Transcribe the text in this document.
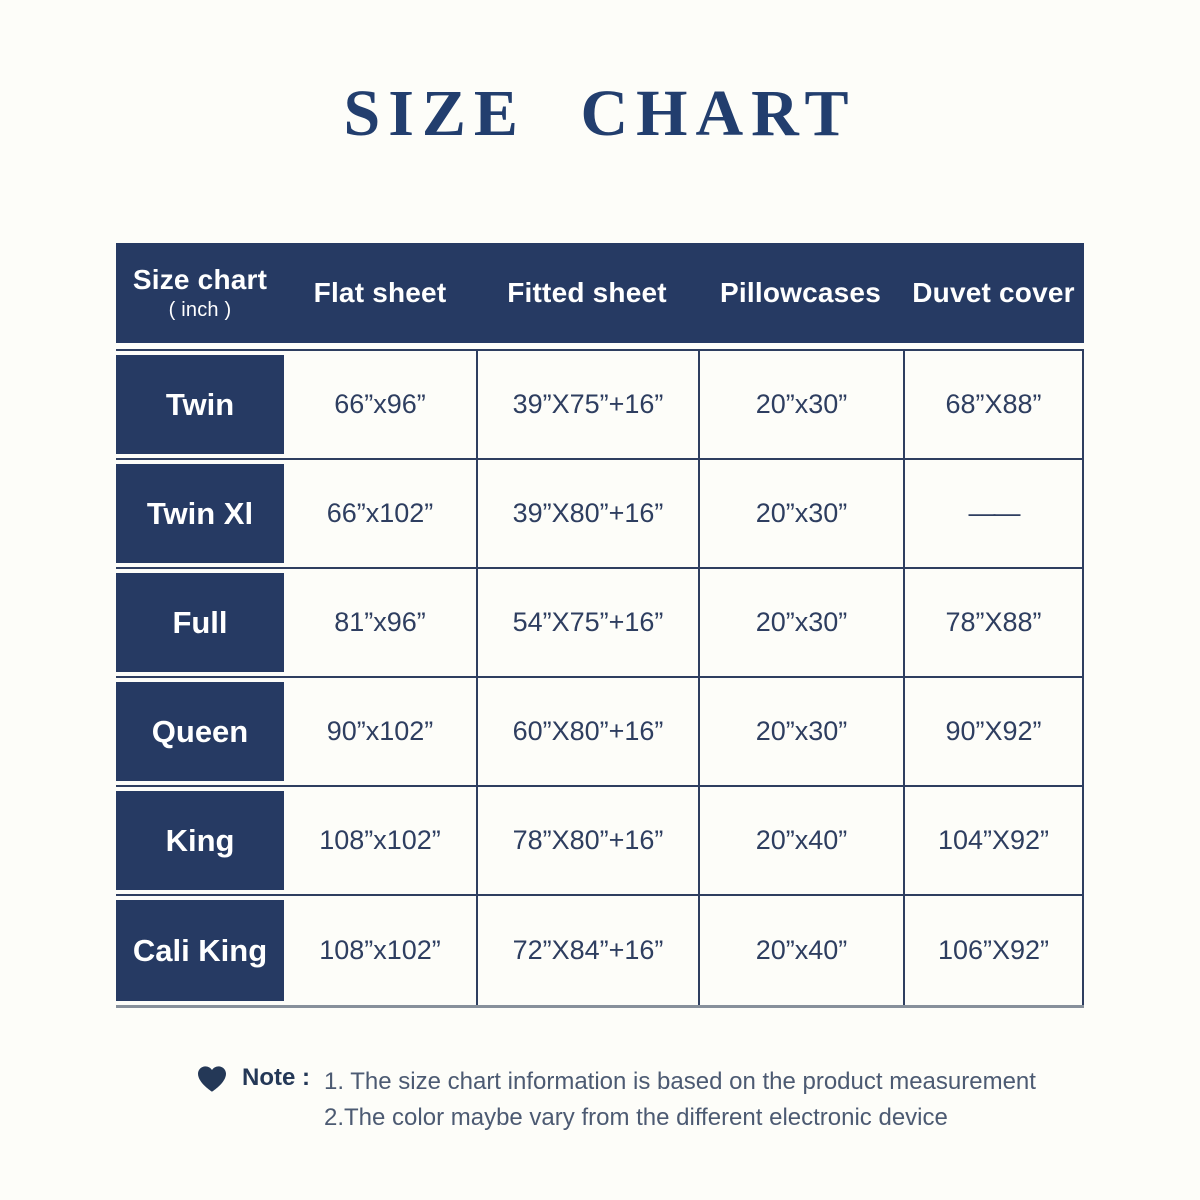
SIZE CHART
Size chart
( inch )
Flat sheet	Fitted sheet	Pillowcases	Duvet cover
Twin	66”x96”	39”X75”+16”	20”x30”	68”X88”
Twin Xl	66”x102”	39”X80”+16”	20”x30”	——
Full	81”x96”	54”X75”+16”	20”x30”	78”X88”
Queen	90”x102”	60”X80”+16”	20”x30”	90”X92”
King	108”x102”	78”X80”+16”	20”x40”	104”X92”
Cali King	108”x102”	72”X84”+16”	20”x40”	106”X92”
Note : 1. The size chart information is based on the product measurement
2.The color maybe vary from the different electronic device
